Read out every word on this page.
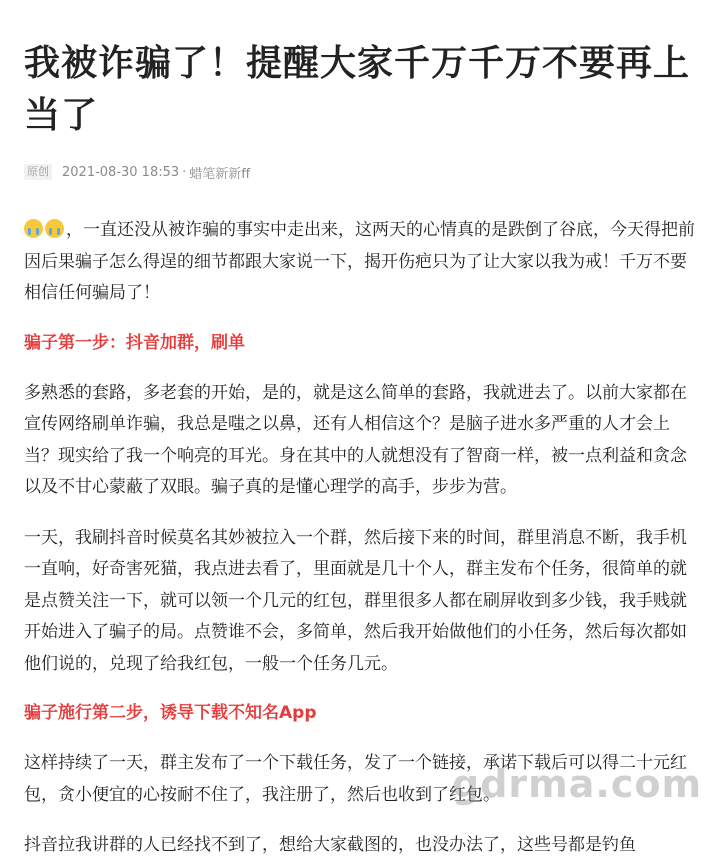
我被诈骗了！提醒大家千万千万不要再上当了
原创 2021-08-30 18:53 · 蜡笔新新ff

，一直还没从被诈骗的事实中走出来，这两天的心情真的是跌倒了谷底，今天得把前因后果骗子怎么得逞的细节都跟大家说一下，揭开伤疤只为了让大家以我为戒！千万不要相信任何骗局了！

骗子第一步：抖音加群，刷单

多熟悉的套路，多老套的开始，是的，就是这么简单的套路，我就进去了。以前大家都在宣传网络刷单诈骗，我总是嗤之以鼻，还有人相信这个？是脑子进水多严重的人才会上当？现实给了我一个响亮的耳光。身在其中的人就想没有了智商一样，被一点利益和贪念以及不甘心蒙蔽了双眼。骗子真的是懂心理学的高手，步步为营。

一天，我刷抖音时候莫名其妙被拉入一个群，然后接下来的时间，群里消息不断，我手机一直响，好奇害死猫，我点进去看了，里面就是几十个人，群主发布个任务，很简单的就是点赞关注一下，就可以领一个几元的红包，群里很多人都在刷屏收到多少钱，我手贱就开始进入了骗子的局。点赞谁不会，多简单，然后我开始做他们的小任务，然后每次都如他们说的，兑现了给我红包，一般一个任务几元。

骗子施行第二步，诱导下载不知名App

这样持续了一天，群主发布了一个下载任务，发了一个链接，承诺下载后可以得二十元红包，贪小便宜的心按耐不住了，我注册了，然后也收到了红包。

抖音拉我讲群的人已经找不到了，想给大家截图的，也没办法了，这些号都是钓鱼

gdrma.com
